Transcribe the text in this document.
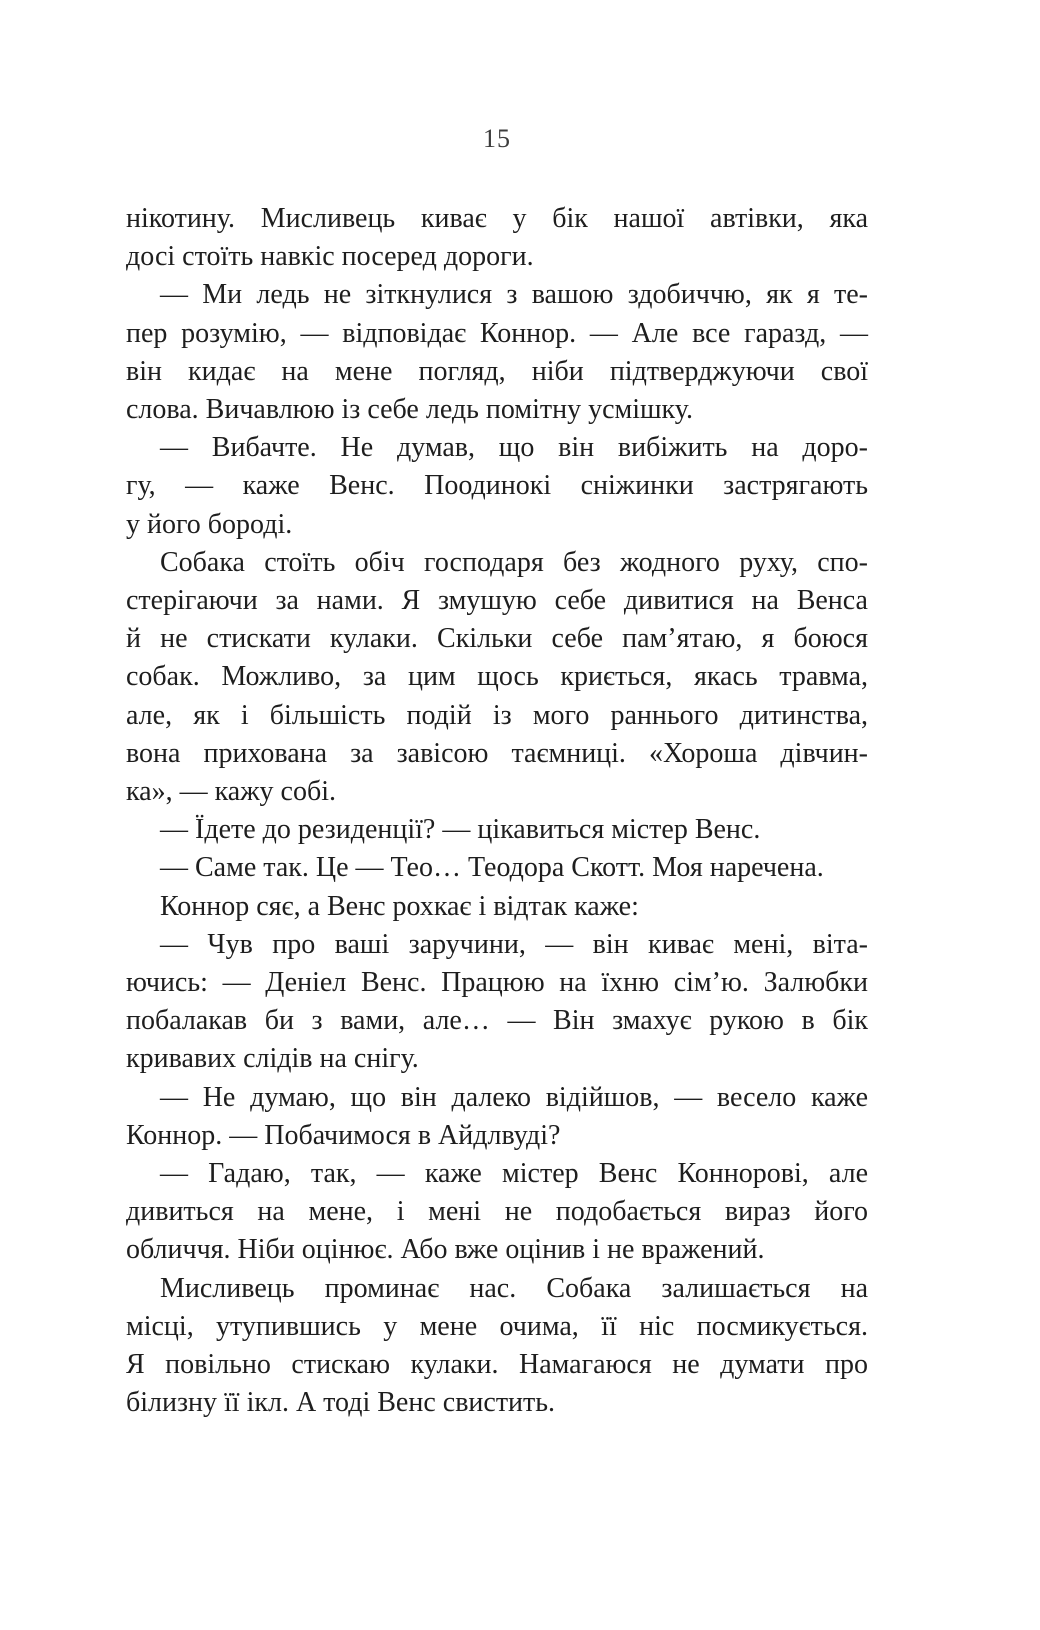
15
нікотину. Мисливець киває у бік нашої автівки, яка
досі стоїть навкіс посеред дороги.
— Ми ледь не зіткнулися з вашою здобиччю, як я те-
пер розумію, — відповідає Коннор. — Але все гаразд, —
він кидає на мене погляд, ніби підтверджуючи свої
слова. Вичавлюю із себе ледь помітну усмішку.
— Вибачте. Не думав, що він вибіжить на доро-
гу, — каже Венс. Поодинокі сніжинки застрягають
у його бороді.
Собака стоїть обіч господаря без жодного руху, спо-
стерігаючи за нами. Я змушую себе дивитися на Венса
й не стискати кулаки. Скільки себе пам’ятаю, я боюся
собак. Можливо, за цим щось криється, якась травма,
але, як і більшість подій із мого раннього дитинства,
вона прихована за завісою таємниці. «Хороша дівчин-
ка», — кажу собі.
— Їдете до резиденції? — цікавиться містер Венс.
— Саме так. Це — Тео… Теодора Скотт. Моя наречена.
Коннор сяє, а Венс рохкає і відтак каже:
— Чув про ваші заручини, — він киває мені, віта-
ючись: — Деніел Венс. Працюю на їхню сім’ю. Залюбки
побалакав би з вами, але… — Він змахує рукою в бік
кривавих слідів на снігу.
— Не думаю, що він далеко відійшов, — весело каже
Коннор. — Побачимося в Айдлвуді?
— Гадаю, так, — каже містер Венс Коннорові, але
дивиться на мене, і мені не подобається вираз його
обличчя. Ніби оцінює. Або вже оцінив і не вражений.
Мисливець проминає нас. Собака залишається на
місці, утупившись у мене очима, її ніс посмикується.
Я повільно стискаю кулаки. Намагаюся не думати про
білизну її ікл. А тоді Венс свистить.
